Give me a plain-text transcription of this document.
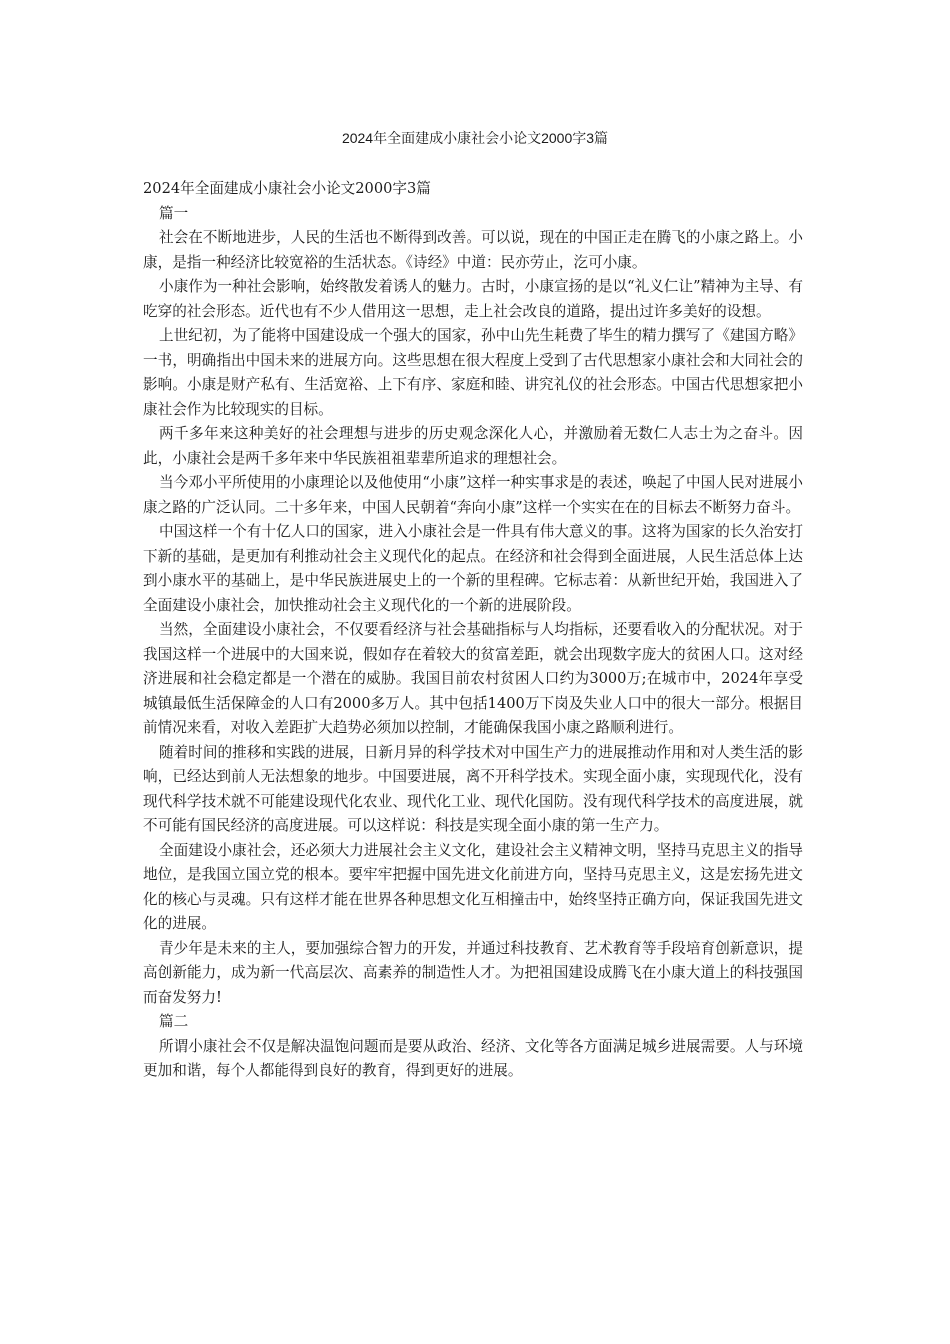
2024年全面建成小康社会小论文2000字3篇
2024年全面建成小康社会小论文2000字3篇

篇一

社会在不断地进步，人民的生活也不断得到改善。可以说，现在的中国正走在腾飞的小康之路上。小康，是指一种经济比较宽裕的生活状态。《诗经》中道：民亦劳止，汔可小康。

小康作为一种社会影响，始终散发着诱人的魅力。古时，小康宣扬的是以“礼义仁让”精神为主导、有吃穿的社会形态。近代也有不少人借用这一思想，走上社会改良的道路，提出过许多美好的设想。

上世纪初，为了能将中国建设成一个强大的国家，孙中山先生耗费了毕生的精力撰写了《建国方略》一书，明确指出中国未来的进展方向。这些思想在很大程度上受到了古代思想家小康社会和大同社会的影响。小康是财产私有、生活宽裕、上下有序、家庭和睦、讲究礼仪的社会形态。中国古代思想家把小康社会作为比较现实的目标。

两千多年来这种美好的社会理想与进步的历史观念深化人心，并激励着无数仁人志士为之奋斗。因此，小康社会是两千多年来中华民族祖祖辈辈所追求的理想社会。

当今邓小平所使用的小康理论以及他使用“小康”这样一种实事求是的表述，唤起了中国人民对进展小康之路的广泛认同。二十多年来，中国人民朝着“奔向小康”这样一个实实在在的目标去不断努力奋斗。

中国这样一个有十亿人口的国家，进入小康社会是一件具有伟大意义的事。这将为国家的长久治安打下新的基础，是更加有利推动社会主义现代化的起点。在经济和社会得到全面进展，人民生活总体上达到小康水平的基础上，是中华民族进展史上的一个新的里程碑。它标志着：从新世纪开始，我国进入了全面建设小康社会，加快推动社会主义现代化的一个新的进展阶段。

当然，全面建设小康社会，不仅要看经济与社会基础指标与人均指标，还要看收入的分配状况。对于我国这样一个进展中的大国来说，假如存在着较大的贫富差距，就会出现数字庞大的贫困人口。这对经济进展和社会稳定都是一个潜在的威胁。我国目前农村贫困人口约为3000万;在城市中，2024年享受城镇最低生活保障金的人口有2000多万人。其中包括1400万下岗及失业人口中的很大一部分。根据目前情况来看，对收入差距扩大趋势必须加以控制，才能确保我国小康之路顺利进行。

随着时间的推移和实践的进展，日新月异的科学技术对中国生产力的进展推动作用和对人类生活的影响，已经达到前人无法想象的地步。中国要进展，离不开科学技术。实现全面小康，实现现代化，没有现代科学技术就不可能建设现代化农业、现代化工业、现代化国防。没有现代科学技术的高度进展，就不可能有国民经济的高度进展。可以这样说：科技是实现全面小康的第一生产力。

全面建设小康社会，还必须大力进展社会主义文化，建设社会主义精神文明，坚持马克思主义的指导地位，是我国立国立党的根本。要牢牢把握中国先进文化前进方向，坚持马克思主义，这是宏扬先进文化的核心与灵魂。只有这样才能在世界各种思想文化互相撞击中，始终坚持正确方向，保证我国先进文化的进展。

青少年是未来的主人，要加强综合智力的开发，并通过科技教育、艺术教育等手段培育创新意识，提高创新能力，成为新一代高层次、高素养的制造性人才。为把祖国建设成腾飞在小康大道上的科技强国而奋发努力!

篇二

所谓小康社会不仅是解决温饱问题而是要从政治、经济、文化等各方面满足城乡进展需要。人与环境更加和谐，每个人都能得到良好的教育，得到更好的进展。
